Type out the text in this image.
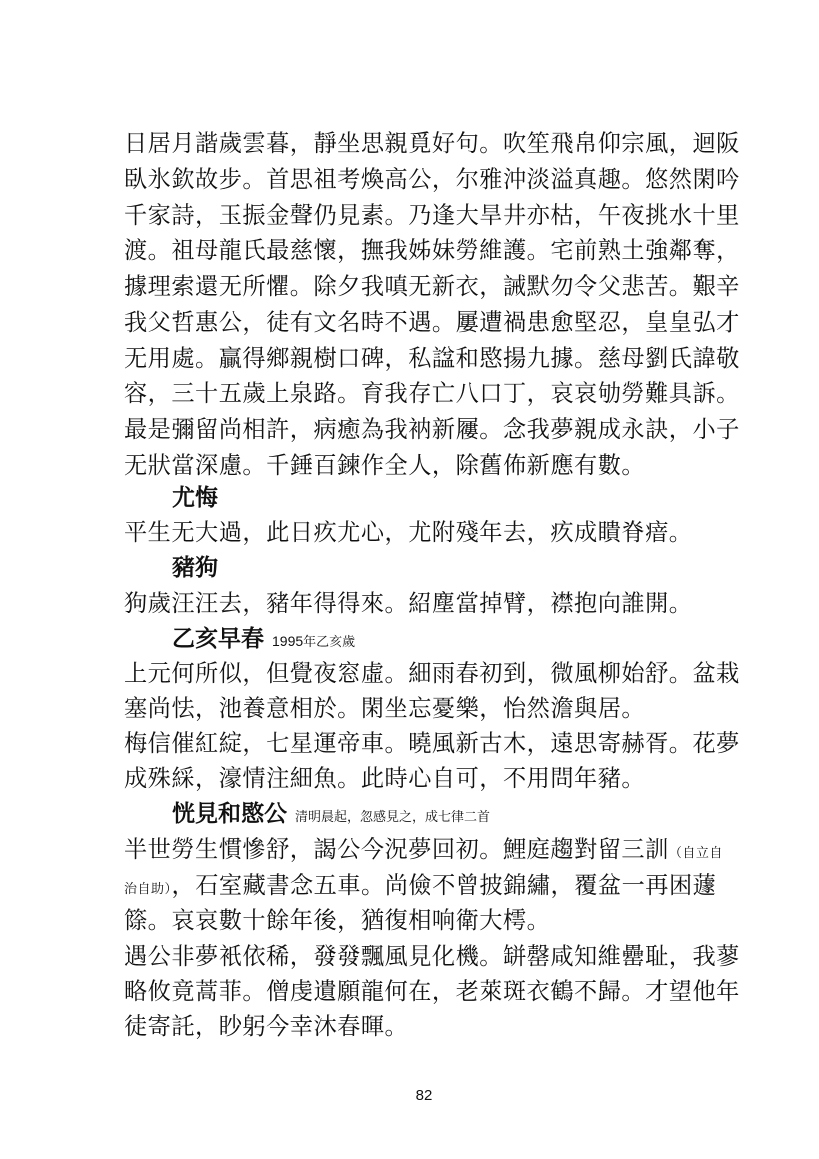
日居月諧歲雲暮，靜坐思親覓好句。吹笙飛帛仰宗風，迴阪
臥氷欽故步。首思祖考煥高公，尔雅沖淡溢真趣。悠然閑吟
千家詩，玉振金聲仍見素。乃逢大旱井亦枯，午夜挑水十里
渡。祖母龍氏最慈懷，撫我姊妹勞維護。宅前熟土強鄰奪，
據理索還无所懼。除夕我嗔无新衣，誡默勿令父悲苦。艱辛
我父哲惠公，徒有文名時不遇。屢遭禍患愈堅忍，皇皇弘才
无用處。贏得鄉親樹口碑，私諡和愍揚九據。慈母劉氏諱敬
容，三十五歲上泉路。育我存亡八口丁，哀哀劬勞難具訴。
最是彌留尚相許，病癒為我衲新屨。念我夢親成永訣，小子
无狀當深慮。千錘百鍊作全人，除舊佈新應有數。
尤悔
平生无大過，此日疚尤心，尤附殘年去，疚成瞶脊瘖。
豬狗
狗歲汪汪去，豬年得得來。紹塵當掉臂，襟抱向誰開。
乙亥早春 1995年乙亥歲
上元何所似，但覺夜窓虛。細雨春初到，微風柳始舒。盆栽
塞尚怯，池養意相於。閑坐忘憂樂，怡然澹與居。
梅信催紅綻，七星運帝車。曉風新古木，遠思寄赫胥。花夢
成殊綵，濠情注細魚。此時心自可，不用問年豬。
恍見和愍公 清明晨起，忽感見之，成七律二首
半世勞生慣慘舒，謁公今況夢回初。鯉庭趨對留三訓（自立自
治自助），石室藏書念五車。尚儉不曾披錦繡，覆盆一再困蘧
篨。哀哀數十餘年後，猶復相响衛大樗。
遇公非夢衹依稀，發發飄風見化機。缾罄咸知維罍耻，我蓼
略攸竟蒿菲。僧虔遺願龍何在，老萊斑衣鶴不歸。才望他年
徒寄託，眇躬今幸沐春暉。
82
